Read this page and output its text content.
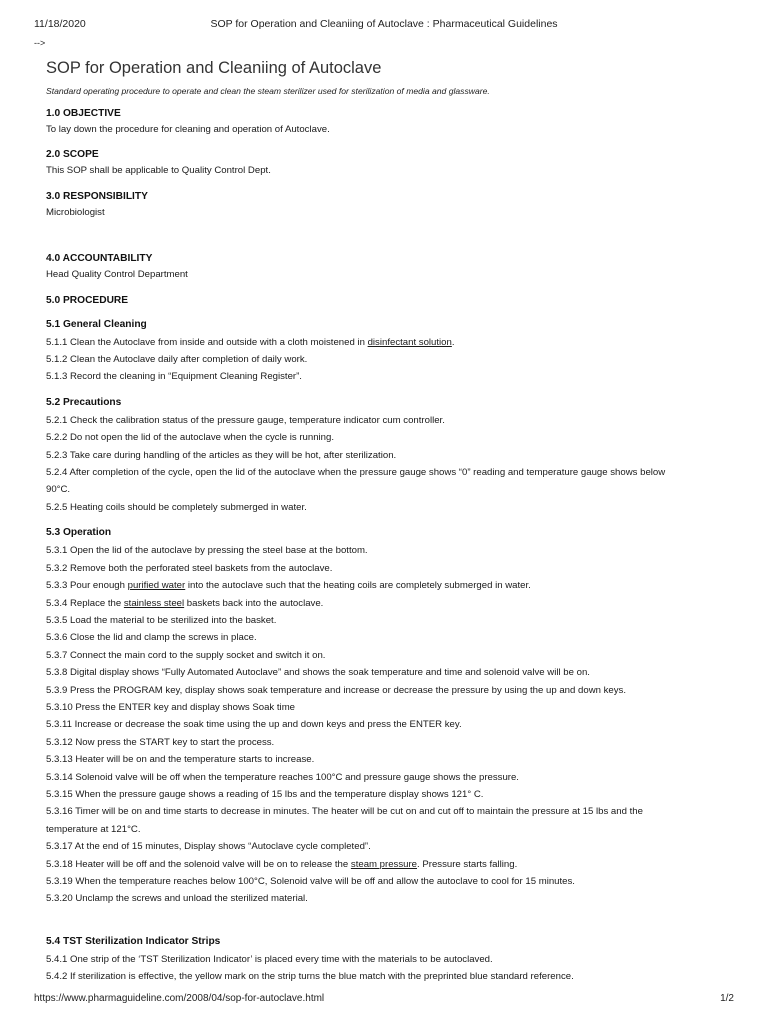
11/18/2020	SOP for Operation and Cleaniing of Autoclave : Pharmaceutical Guidelines
-->
SOP for Operation and Cleaniing of Autoclave
Standard operating procedure to operate and clean the steam sterilizer used for sterilization of media and glassware.
1.0 OBJECTIVE
To lay down the procedure for cleaning and operation of Autoclave.
2.0 SCOPE
This SOP shall be applicable to Quality Control Dept.
3.0 RESPONSIBILITY
Microbiologist
4.0 ACCOUNTABILITY
Head Quality Control Department
5.0 PROCEDURE
5.1 General Cleaning
5.1.1 Clean the Autoclave from inside and outside with a cloth moistened in disinfectant solution.
5.1.2 Clean the Autoclave daily after completion of daily work.
5.1.3 Record the cleaning in “Equipment Cleaning Register”.
5.2 Precautions
5.2.1 Check the calibration status of the pressure gauge, temperature indicator cum controller.
5.2.2 Do not open the lid of the autoclave when the cycle is running.
5.2.3 Take care during handling of the articles as they will be hot, after sterilization.
5.2.4 After completion of the cycle, open the lid of the autoclave when the pressure gauge shows “0” reading and temperature gauge shows below
90°C.
5.2.5 Heating coils should be completely submerged in water.
5.3 Operation
5.3.1 Open the lid of the autoclave by pressing the steel base at the bottom.
5.3.2 Remove both the perforated steel baskets from the autoclave.
5.3.3 Pour enough purified water into the autoclave such that the heating coils are completely submerged in water.
5.3.4 Replace the stainless steel baskets back into the autoclave.
5.3.5 Load the material to be sterilized into the basket.
5.3.6 Close the lid and clamp the screws in place.
5.3.7 Connect the main cord to the supply socket and switch it on.
5.3.8 Digital display shows “Fully Automated Autoclave” and shows the soak temperature and time and solenoid valve will be on.
5.3.9 Press the PROGRAM key, display shows soak temperature and increase or decrease the pressure by using the up and down keys.
5.3.10 Press the ENTER key and display shows Soak time
5.3.11 Increase or decrease the soak time using the up and down keys and press the ENTER key.
5.3.12 Now press the START key to start the process.
5.3.13 Heater will be on and the temperature starts to increase.
5.3.14 Solenoid valve will be off when the temperature reaches 100°C and pressure gauge shows the pressure.
5.3.15 When the pressure gauge shows a reading of 15 lbs and the temperature display shows 121° C.
5.3.16 Timer will be on and time starts to decrease in minutes. The heater will be cut on and cut off to maintain the pressure at 15 lbs and the
temperature at 121°C.
5.3.17 At the end of 15 minutes, Display shows “Autoclave cycle completed”.
5.3.18 Heater will be off and the solenoid valve will be on to release the steam pressure. Pressure starts falling.
5.3.19 When the temperature reaches below 100°C, Solenoid valve will be off and allow the autoclave to cool for 15 minutes.
5.3.20 Unclamp the screws and unload the sterilized material.
5.4 TST Sterilization Indicator Strips
5.4.1 One strip of the ‘TST Sterilization Indicator’ is placed every time with the materials to be autoclaved.
5.4.2 If sterilization is effective, the yellow mark on the strip turns the blue match with the preprinted blue standard reference.
https://www.pharmaguideline.com/2008/04/sop-for-autoclave.html	1/2
